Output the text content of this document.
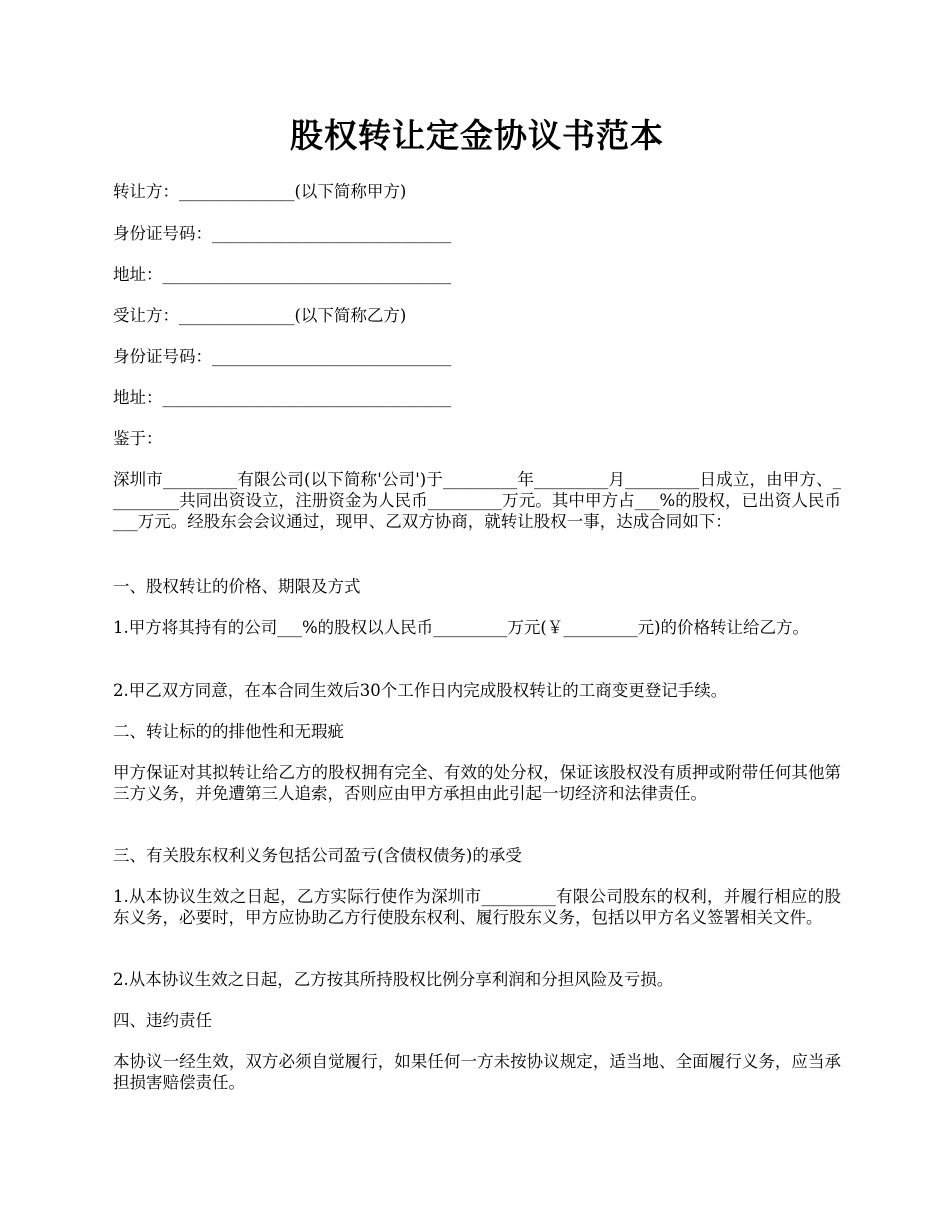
股权转让定金协议书范本

转让方：______________(以下简称甲方)

身份证号码：_____________________________

地址：___________________________________

受让方：______________(以下简称乙方)

身份证号码：_____________________________

地址：___________________________________

鉴于：

深圳市_________有限公司(以下简称'公司')于_________年_________月_________日成立，由甲方、_________共同出资设立，注册资金为人民币_________万元。其中甲方占___%的股权，已出资人民币___万元。经股东会会议通过，现甲、乙双方协商，就转让股权一事，达成合同如下：

一、股权转让的价格、期限及方式

1.甲方将其持有的公司___%的股权以人民币_________万元(￥_________元)的价格转让给乙方。

2.甲乙双方同意，在本合同生效后30个工作日内完成股权转让的工商变更登记手续。

二、转让标的的排他性和无瑕疵

甲方保证对其拟转让给乙方的股权拥有完全、有效的处分权，保证该股权没有质押或附带任何其他第三方义务，并免遭第三人追索，否则应由甲方承担由此引起一切经济和法律责任。

三、有关股东权利义务包括公司盈亏(含债权债务)的承受

1.从本协议生效之日起，乙方实际行使作为深圳市_________有限公司股东的权利，并履行相应的股东义务，必要时，甲方应协助乙方行使股东权利、履行股东义务，包括以甲方名义签署相关文件。

2.从本协议生效之日起，乙方按其所持股权比例分享利润和分担风险及亏损。

四、违约责任

本协议一经生效，双方必须自觉履行，如果任何一方未按协议规定，适当地、全面履行义务，应当承担损害赔偿责任。
